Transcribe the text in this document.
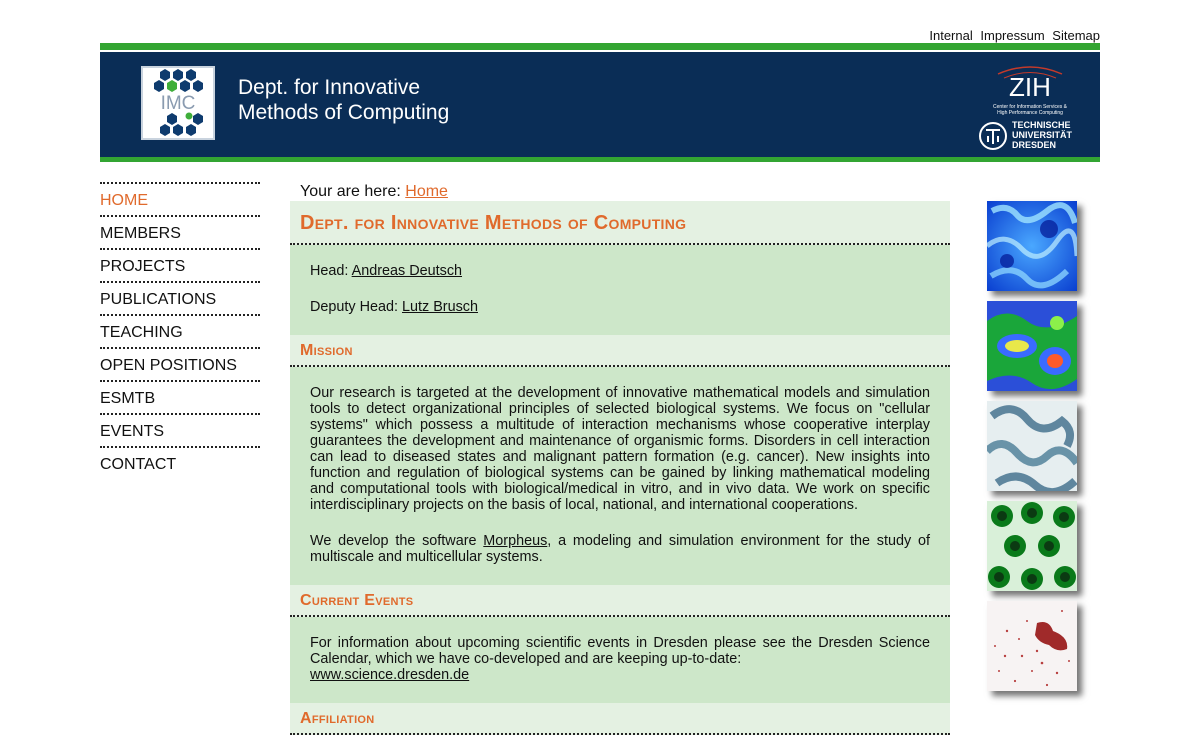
Internal Impressum Sitemap
IMC
Dept. for Innovative
Methods of Computing
ZIH
Center for Information Services &
High Performance Computing
TECHNISCHE
UNIVERSITÄT
DRESDEN
HOME
MEMBERS
PROJECTS
PUBLICATIONS
TEACHING
OPEN POSITIONS
ESMTB
EVENTS
CONTACT
Your are here: Home
Dept. for Innovative Methods of Computing

Head: Andreas Deutsch

Deputy Head: Lutz Brusch

Mission

Our research is targeted at the development of innovative mathematical models and simulation tools to detect organizational principles of selected biological systems. We focus on "cellular systems" which possess a multitude of interaction mechanisms whose cooperative interplay guarantees the development and maintenance of organismic forms. Disorders in cell interaction can lead to diseased states and malignant pattern formation (e.g. cancer). New insights into function and regulation of biological systems can be gained by linking mathematical modeling and computational tools with biological/medical in vitro, and in vivo data. We work on specific interdisciplinary projects on the basis of local, national, and international cooperations.

We develop the software Morpheus, a modeling and simulation environment for the study of multiscale and multicellular systems.

Current Events

For information about upcoming scientific events in Dresden please see the Dresden Science Calendar, which we have co-developed and are keeping up-to-date:
www.science.dresden.de

Affiliation
